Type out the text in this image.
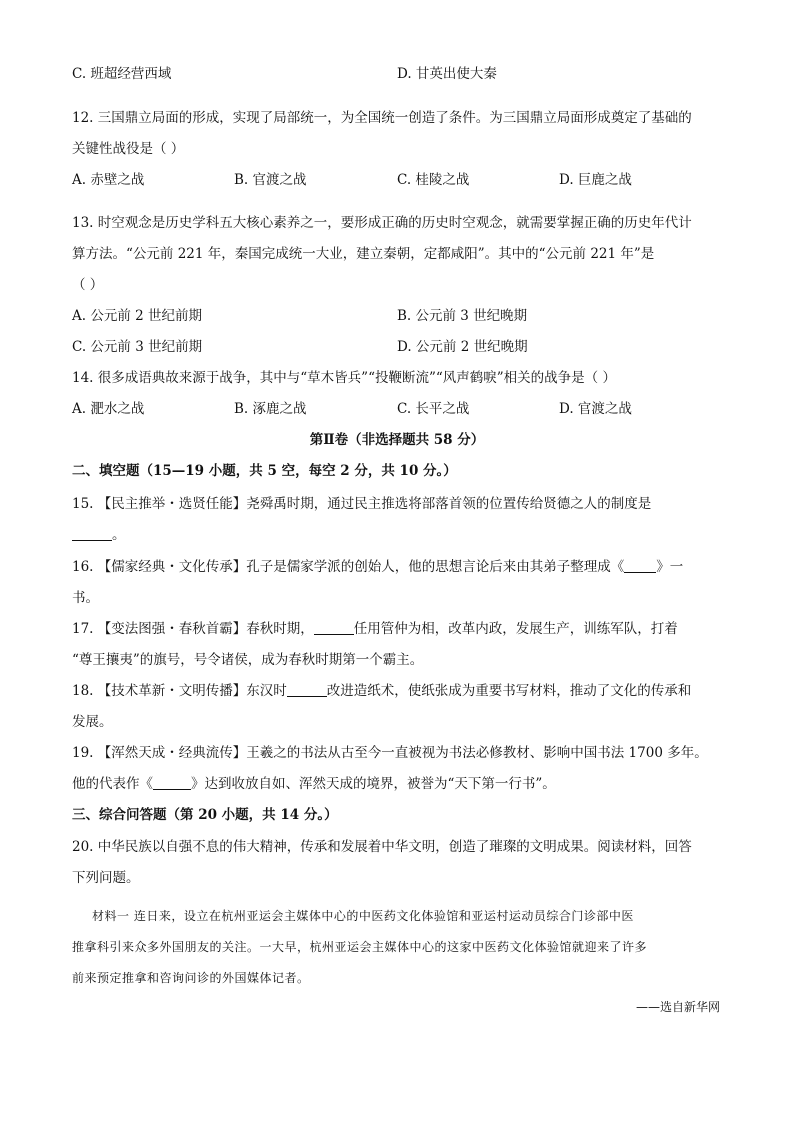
C. 班超经营西域	D. 甘英出使大秦
12. 三国鼎立局面的形成，实现了局部统一，为全国统一创造了条件。为三国鼎立局面形成奠定了基础的
关键性战役是（ ）
A. 赤壁之战	B. 官渡之战	C. 桂陵之战	D. 巨鹿之战
13. 时空观念是历史学科五大核心素养之一，要形成正确的历史时空观念，就需要掌握正确的历史年代计
算方法。“公元前 221 年，秦国完成统一大业，建立秦朝，定都咸阳”。其中的“公元前 221 年”是
（ ）
A. 公元前 2 世纪前期	B. 公元前 3 世纪晚期
C. 公元前 3 世纪前期	D. 公元前 2 世纪晚期
14. 很多成语典故来源于战争，其中与“草木皆兵”“投鞭断流”“风声鹤唳”相关的战争是（ ）
A. 淝水之战	B. 涿鹿之战	C. 长平之战	D. 官渡之战
第Ⅱ卷（非选择题共 58 分）
二、填空题（15—19 小题，共 5 空，每空 2 分，共 10 分。）
15. 【民主推举・选贤任能】尧舜禹时期，通过民主推选将部落首领的位置传给贤德之人的制度是
。
16. 【儒家经典・文化传承】孔子是儒家学派的创始人，他的思想言论后来由其弟子整理成《 》一
书。
17. 【变法图强・春秋首霸】春秋时期，	任用管仲为相，改革内政，发展生产，训练军队，打着
“尊王攘夷”的旗号，号令诸侯，成为春秋时期第一个霸主。
18. 【技术革新・文明传播】东汉时	改进造纸术，使纸张成为重要书写材料，推动了文化的传承和
发展。
19. 【浑然天成・经典流传】王羲之的书法从古至今一直被视为书法必修教材、影响中国书法 1700 多年。
他的代表作《	》达到收放自如、浑然天成的境界，被誉为“天下第一行书”。
三、综合问答题（第 20 小题，共 14 分。）
20. 中华民族以自强不息的伟大精神，传承和发展着中华文明，创造了璀璨的文明成果。阅读材料，回答
下列问题。
材料一 连日来，设立在杭州亚运会主媒体中心的中医药文化体验馆和亚运村运动员综合门诊部中医
推拿科引来众多外国朋友的关注。一大早，杭州亚运会主媒体中心的这家中医药文化体验馆就迎来了许多
前来预定推拿和咨询问诊的外国媒体记者。
——选自新华网
